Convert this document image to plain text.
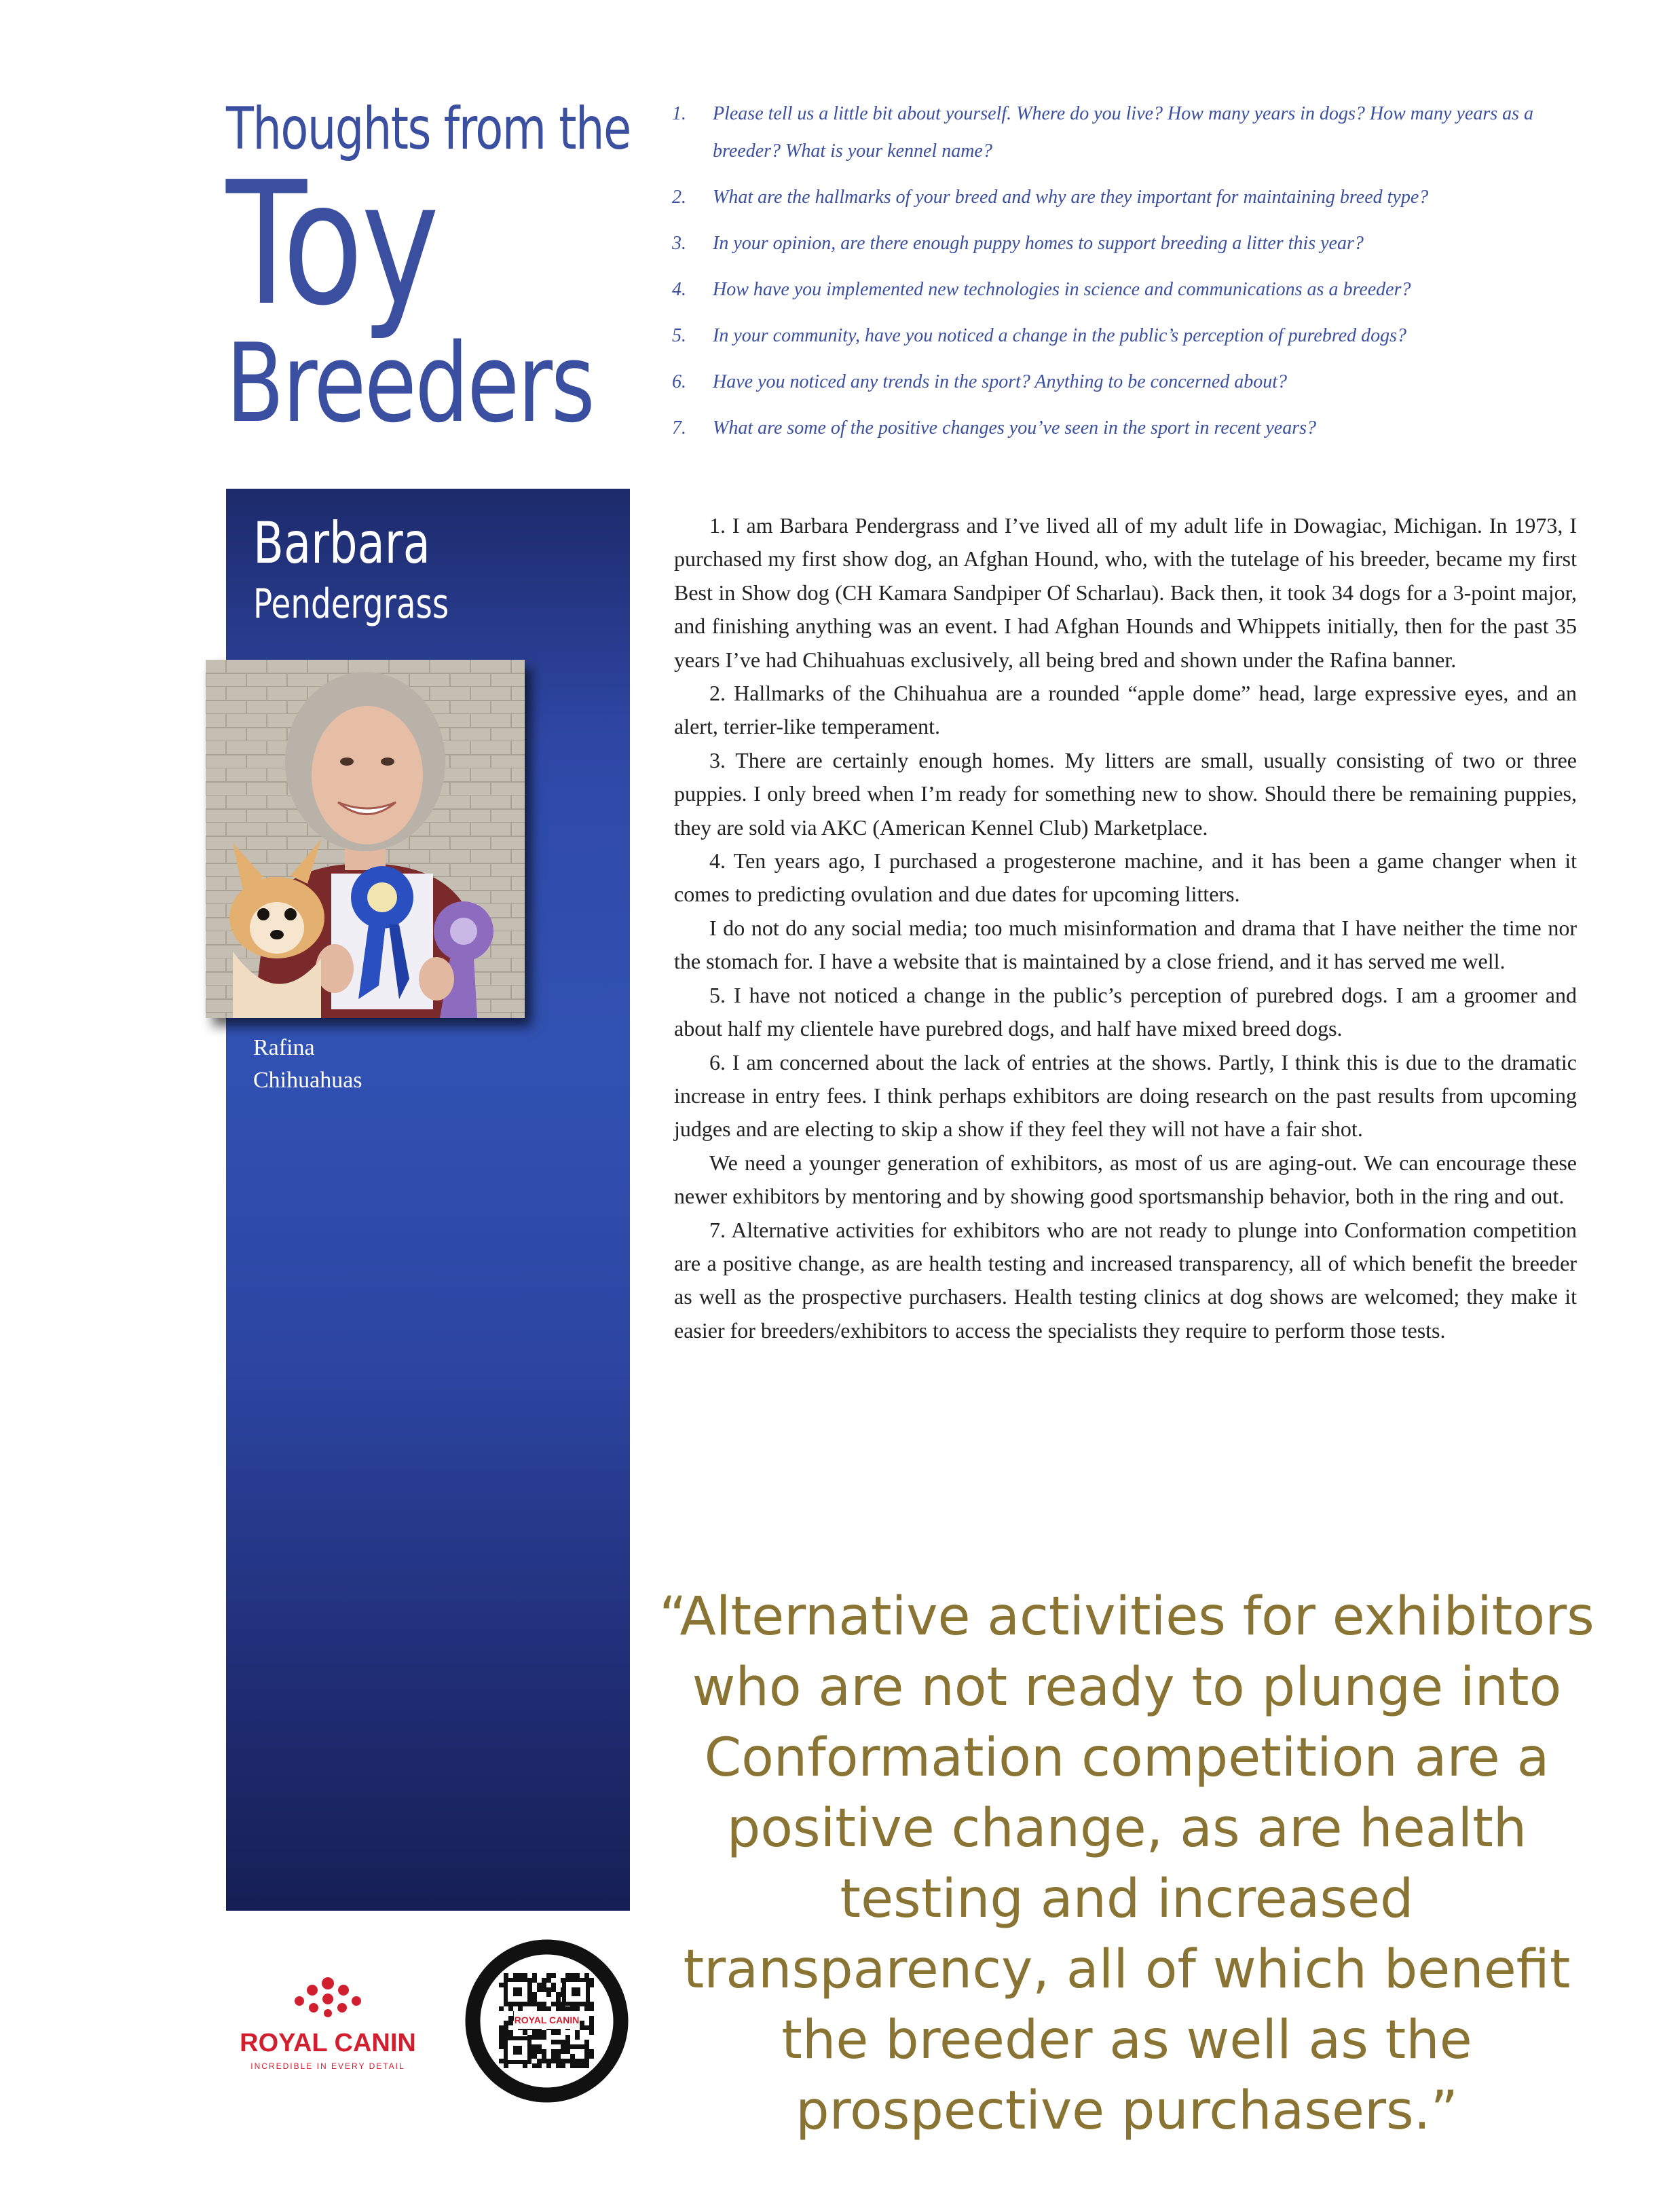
Thoughts from the
Toy
Breeders
1. Please tell us a little bit about yourself. Where do you live? How many years in dogs? How many years as a breeder? What is your kennel name?
2. What are the hallmarks of your breed and why are they important for maintaining breed type?
3. In your opinion, are there enough puppy homes to support breeding a litter this year?
4. How have you implemented new technologies in science and communications as a breeder?
5. In your community, have you noticed a change in the public’s perception of purebred dogs?
6. Have you noticed any trends in the sport? Anything to be concerned about?
7. What are some of the positive changes you’ve seen in the sport in recent years?
Barbara
Pendergrass
Rafina
Chihuahuas

1. I am Barbara Pendergrass and I’ve lived all of my adult life in Dowagiac, Michigan. In 1973, I purchased my first show dog, an Afghan Hound, who, with the tutelage of his breeder, became my first Best in Show dog (CH Kamara Sandpiper Of Scharlau). Back then, it took 34 dogs for a 3-point major, and finishing anything was an event. I had Afghan Hounds and Whippets initially, then for the past 35 years I’ve had Chihuahuas exclusively, all being bred and shown under the Rafina banner.

2. Hallmarks of the Chihuahua are a rounded “apple dome” head, large expressive eyes, and an alert, terrier-like temperament.

3. There are certainly enough homes. My litters are small, usually consisting of two or three puppies. I only breed when I’m ready for something new to show. Should there be remaining puppies, they are sold via AKC (American Kennel Club) Marketplace.

4. Ten years ago, I purchased a progesterone machine, and it has been a game changer when it comes to predicting ovulation and due dates for upcoming litters.

I do not do any social media; too much misinformation and drama that I have neither the time nor the stomach for. I have a website that is maintained by a close friend, and it has served me well.

5. I have not noticed a change in the public’s perception of purebred dogs. I am a groomer and about half my clientele have purebred dogs, and half have mixed breed dogs.

6. I am concerned about the lack of entries at the shows. Partly, I think this is due to the dramatic increase in entry fees. I think perhaps exhibitors are doing research on the past results from upcoming judges and are electing to skip a show if they feel they will not have a fair shot.

We need a younger generation of exhibitors, as most of us are aging-out. We can encourage these newer exhibitors by mentoring and by showing good sportsmanship behavior, both in the ring and out.

7. Alternative activities for exhibitors who are not ready to plunge into Conformation competition are a positive change, as are health testing and increased transparency, all of which benefit the breeder as well as the prospective purchasers. Health testing clinics at dog shows are welcomed; they make it easier for breeders/exhibitors to access the specialists they require to perform those tests.

“Alternative activities for exhibitors who are not ready to plunge into Conformation competition are a positive change, as are health testing and increased transparency, all of which benefit the breeder as well as the prospective purchasers.”
ROYAL CANIN
INCREDIBLE IN EVERY DETAIL
ROYAL CANIN
